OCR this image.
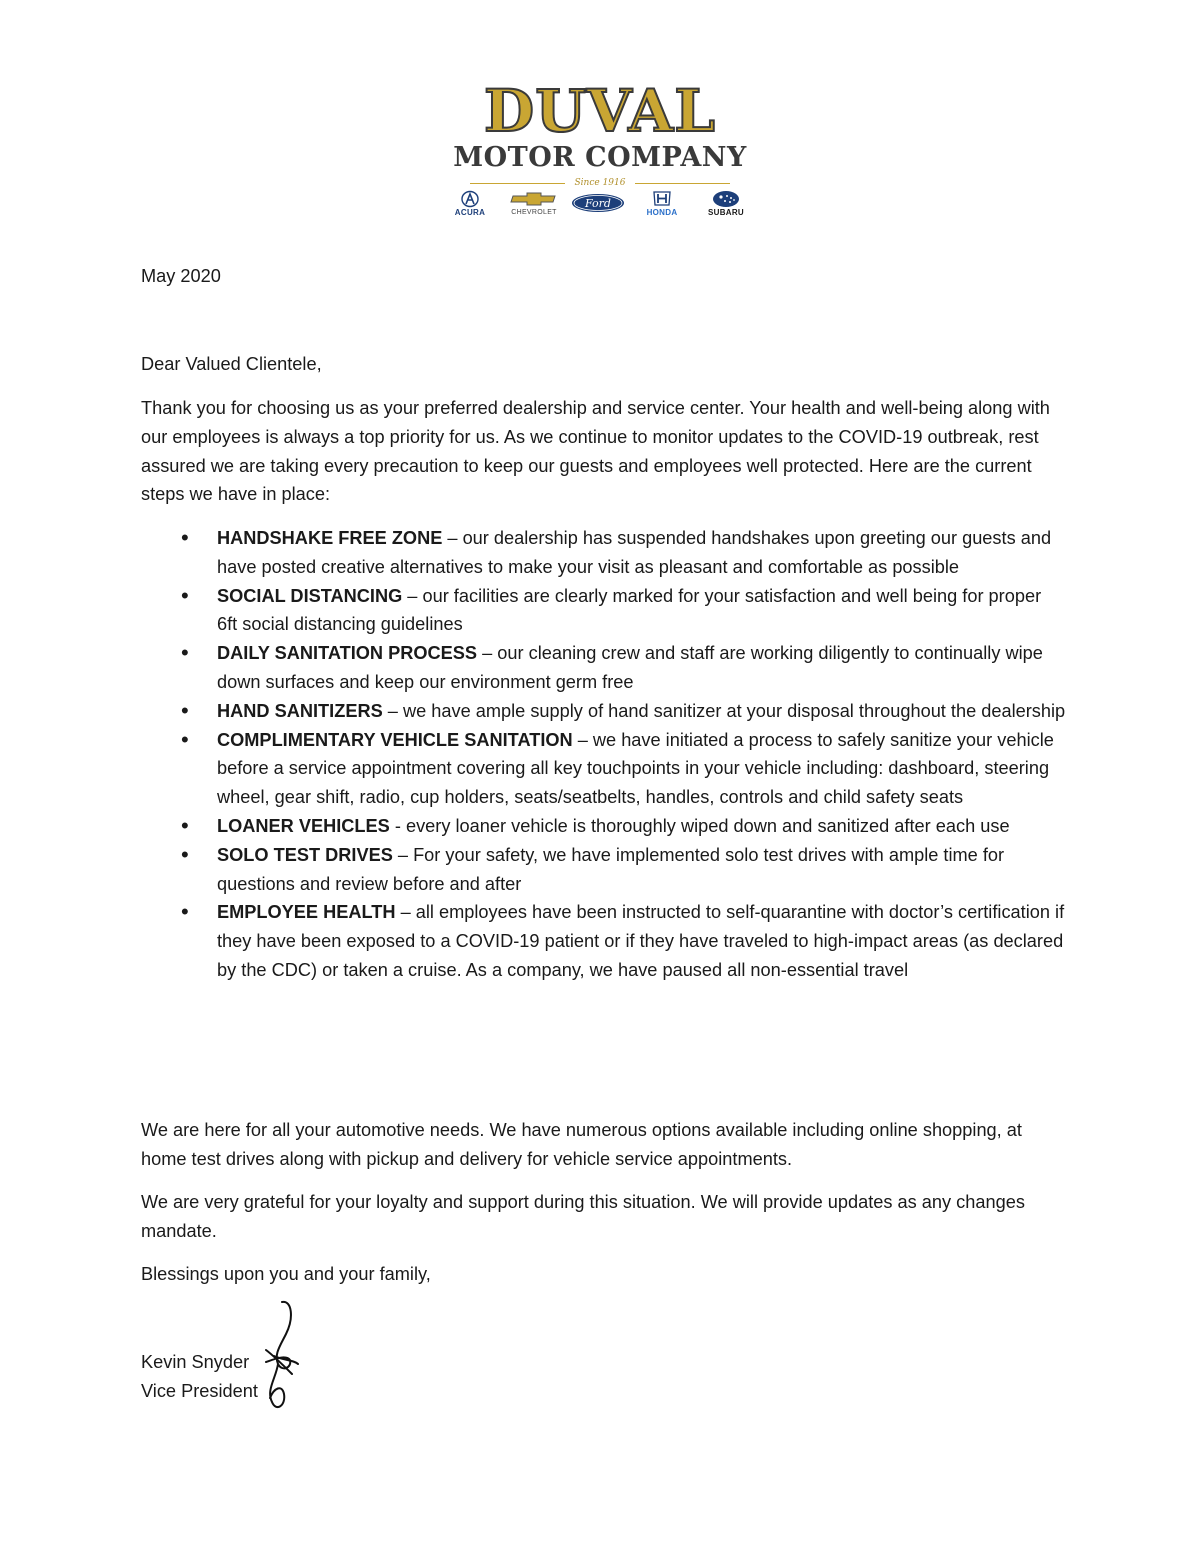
DUVAL
MOTOR COMPANY
Since 1916
ACURA	CHEVROLET
Ford
HONDA	SUBARU
May 2020
Dear Valued Clientele,
Thank you for choosing us as your preferred dealership and service center. Your health and well-being along with our employees is always a top priority for us. As we continue to monitor updates to the COVID-19 outbreak, rest assured we are taking every precaution to keep our guests and employees well protected. Here are the current steps we have in place:
• HANDSHAKE FREE ZONE – our dealership has suspended handshakes upon greeting our guests and have posted creative alternatives to make your visit as pleasant and comfortable as possible
• SOCIAL DISTANCING – our facilities are clearly marked for your satisfaction and well being for proper 6ft social distancing guidelines
• DAILY SANITATION PROCESS – our cleaning crew and staff are working diligently to continually wipe down surfaces and keep our environment germ free
• HAND SANITIZERS – we have ample supply of hand sanitizer at your disposal throughout the dealership
• COMPLIMENTARY VEHICLE SANITATION – we have initiated a process to safely sanitize your vehicle before a service appointment covering all key touchpoints in your vehicle including: dashboard, steering wheel, gear shift, radio, cup holders, seats/seatbelts, handles, controls and child safety seats
• LOANER VEHICLES - every loaner vehicle is thoroughly wiped down and sanitized after each use
• SOLO TEST DRIVES – For your safety, we have implemented solo test drives with ample time for questions and review before and after
• EMPLOYEE HEALTH – all employees have been instructed to self-quarantine with doctor’s certification if they have been exposed to a COVID-19 patient or if they have traveled to high-impact areas (as declared by the CDC) or taken a cruise. As a company, we have paused all non-essential travel
We are here for all your automotive needs. We have numerous options available including online shopping, at home test drives along with pickup and delivery for vehicle service appointments.
We are very grateful for your loyalty and support during this situation. We will provide updates as any changes mandate.
Blessings upon you and your family,
Kevin Snyder
Vice President
